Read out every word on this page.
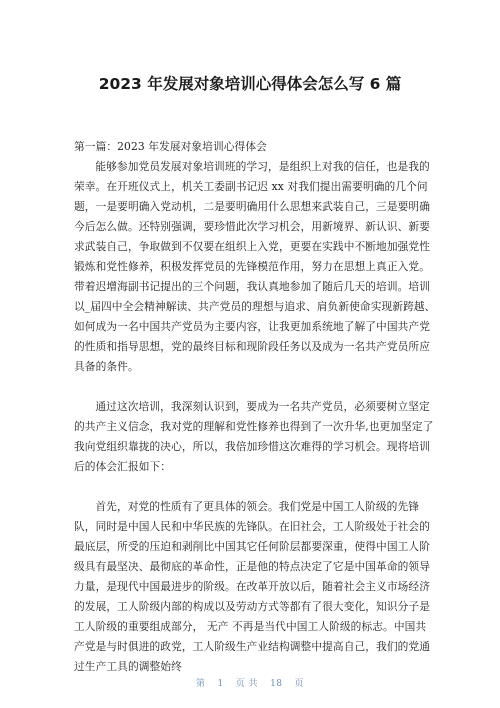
2023 年发展对象培训心得体会怎么写 6 篇

第一篇：2023 年发展对象培训心得体会

能够参加党员发展对象培训班的学习，是组织上对我的信任，也是我的荣幸。在开班仪式上，机关工委副书记迟 xx 对我们提出需要明确的几个问题，一是要明确入党动机，二是要明确用什么思想来武装自己，三是要明确今后怎么做。还特别强调，要珍惜此次学习机会，用新境界、新认识、新要求武装自己，争取做到不仅要在组织上入党，更要在实践中不断地加强党性锻炼和党性修养，积极发挥党员的先锋模范作用，努力在思想上真正入党。带着迟增海副书记提出的三个问题，我认真地参加了随后几天的培训。培训以_届四中全会精神解读、共产党员的理想与追求、肩负新使命实现新跨越、如何成为一名中国共产党员为主要内容，让我更加系统地了解了中国共产党的性质和指导思想，党的最终目标和现阶段任务以及成为一名共产党员所应具备的条件。

通过这次培训，我深刻认识到，要成为一名共产党员，必须要树立坚定的共产主义信念，我对党的理解和党性修养也得到了一次升华,也更加坚定了我向党组织靠拢的决心，所以，我倍加珍惜这次难得的学习机会。现将培训后的体会汇报如下：

首先，对党的性质有了更具体的领会。我们党是中国工人阶级的先锋队，同时是中国人民和中华民族的先锋队。在旧社会，工人阶级处于社会的最底层，所受的压迫和剥削比中国其它任何阶层都要深重，使得中国工人阶级具有最坚决、最彻底的革命性，正是他的特点决定了它是中国革命的领导力量，是现代中国最进步的阶级。在改革开放以后，随着社会主义市场经济的发展，工人阶级内部的构成以及劳动方式等都有了很大变化，知识分子是工人阶级的重要组成部分， 无产 不再是当代中国工人阶级的标志。中国共产党是与时俱进的政党，工人阶级生产业结构调整中提高自己，我们的党通过生产工具的调整始终

第 1 页 共 18 页
